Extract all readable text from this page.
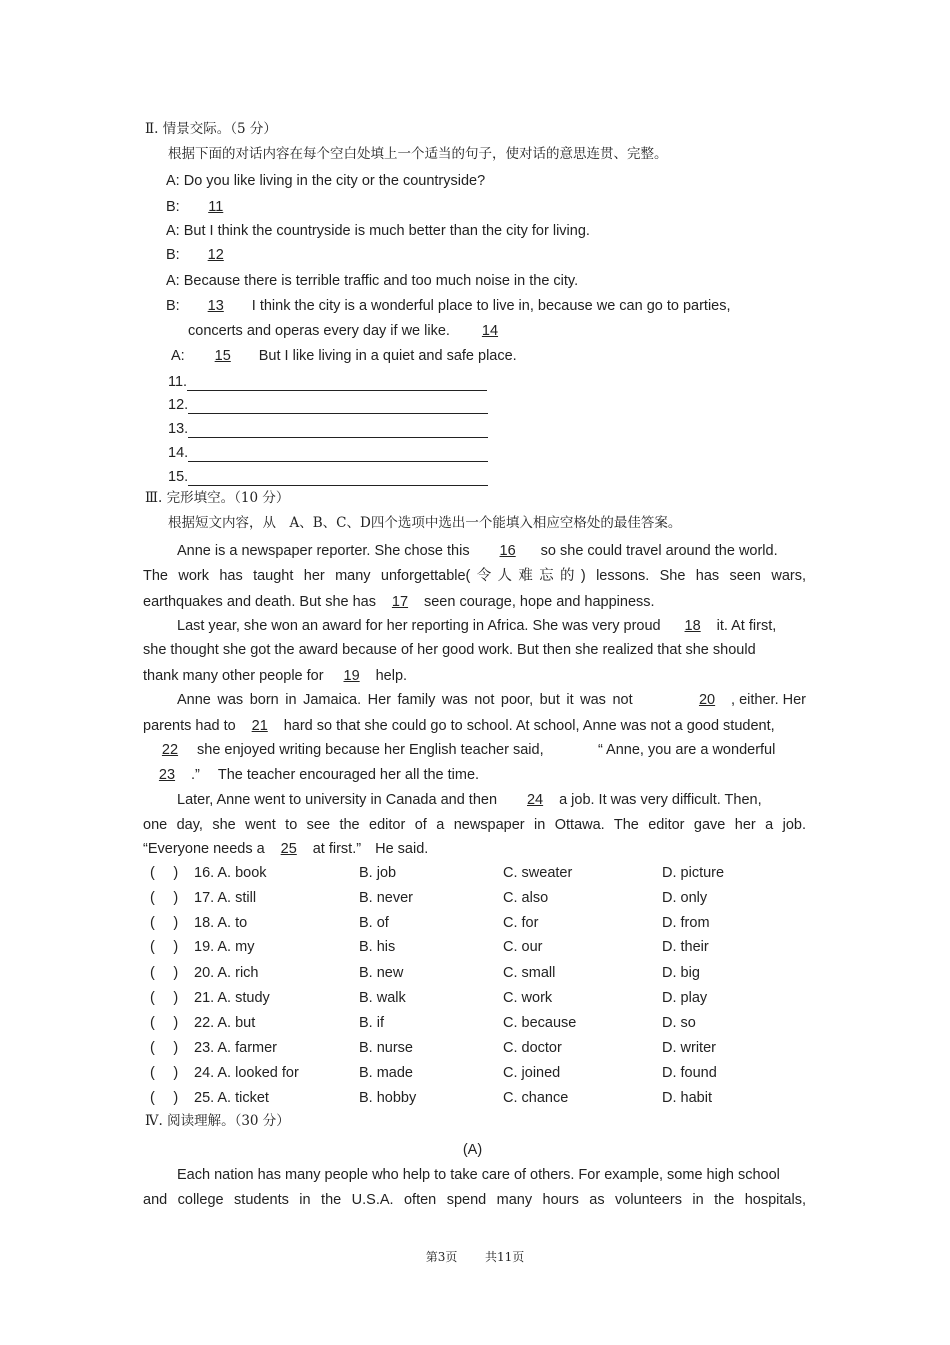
Ⅱ. 情景交际。（5 分）
根据下面的对话内容在每个空白处填上一个适当的句子，使对话的意思连贯、完整。
A: Do you like living in the city or the countryside?
B: 11
A: But I think the countryside is much better than the city for living.
B: 12
A: Because there is terrible traffic and too much noise in the city.
B: 13 I think the city is a wonderful place to live in, because we can go to parties,
concerts and operas every day if we like. 14
A: 15 But I like living in a quiet and safe place.
11.
12.
13.
14.
15.
Ⅲ. 完形填空。（10 分）
根据短文内容，从　A、B、C、D四个选项中选出一个能填入相应空格处的最佳答案。
Anne is a newspaper reporter. She chose this 16 so she could travel around the world.
The work has taught her many unforgettable(令人难忘的) lessons. She has seen wars,
earthquakes and death. But she has 17 seen courage, hope and happiness.
Last year, she won an award for her reporting in Africa. She was very proud 18 it. At first,
she thought she got the award because of her good work. But then she realized that she should
thank many other people for 19 help.
Anne was born in Jamaica. Her family was not poor, but it was not	20 , either. Her
parents had to 21 hard so that she could go to school. At school, Anne was not a good student,
22 she enjoyed writing because her English teacher said,	“ Anne, you are a wonderful
23 .” The teacher encouraged her all the time.
Later, Anne went to university in Canada and then 24 a job. It was very difficult. Then,
one day, she went to see the editor of a newspaper in Ottawa. The editor gave her a job.
“Everyone needs a 25 at first.” He said.
(　 ) 16. A. book	B. job	C. sweater	D. picture
(　 ) 17. A. still	B. never	C. also	D. only
(　 ) 18. A. to	B. of	C. for	D. from
(　 ) 19. A. my	B. his	C. our	D. their
(　 ) 20. A. rich	B. new	C. small	D. big
(　 ) 21. A. study	B. walk	C. work	D. play
(　 ) 22. A. but	B. if	C. because	D. so
(　 ) 23. A. farmer	B. nurse	C. doctor	D. writer
(　 ) 24. A. looked for	B. made	C. joined	D. found
(　 ) 25. A. ticket	B. hobby	C. chance	D. habit
Ⅳ. 阅读理解。（30 分）
(A)
Each nation has many people who help to take care of others. For example, some high school
and college students in the U.S.A. often spend many hours as volunteers in the hospitals,
第3页 共11页
